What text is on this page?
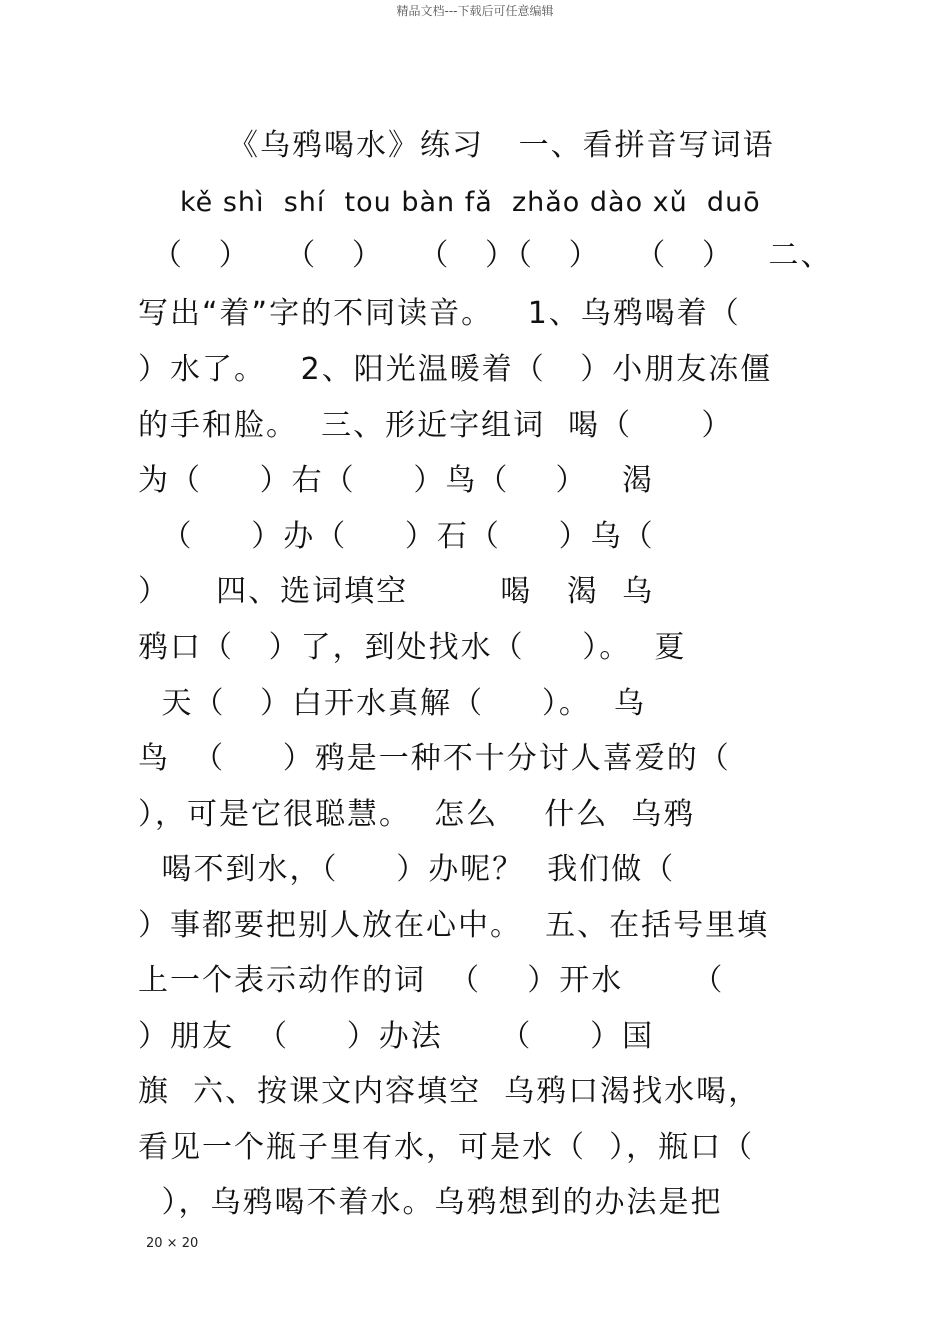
精品文档---下载后可任意编辑
《乌鸦喝水》练习   一、看拼音写词语
kě shì  shí  tou bàn fǎ  zhǎo dào xǔ  duō
（   ）   （   ）   （   ）（   ）   （   ）   二、
写出“着”字的不同读音。   1、乌鸦喝着（
）水了。   2、阳光温暖着（   ）小朋友冻僵
的手和脸。  三、形近字组词  喝（      ）
为（     ）右（     ）鸟（    ）   渴
（     ）办（     ）石（     ）乌（
）    四、选词填空        喝   渴  乌
鸦口（   ）了，到处找水（     ）。  夏
天（   ）白开水真解（     ）。  乌
鸟  （     ）鸦是一种不十分讨人喜爱的（
），可是它很聪慧。  怎么    什么  乌鸦
喝不到水，（     ）办呢？  我们做（
）事都要把别人放在心中。  五、在括号里填
上一个表示动作的词  （    ）开水      （
）朋友  （     ）办法     （     ）国
旗  六、按课文内容填空  乌鸦口渴找水喝，
看见一个瓶子里有水，可是水（  ），瓶口（
），乌鸦喝不着水。乌鸦想到的办法是把
20 × 20
